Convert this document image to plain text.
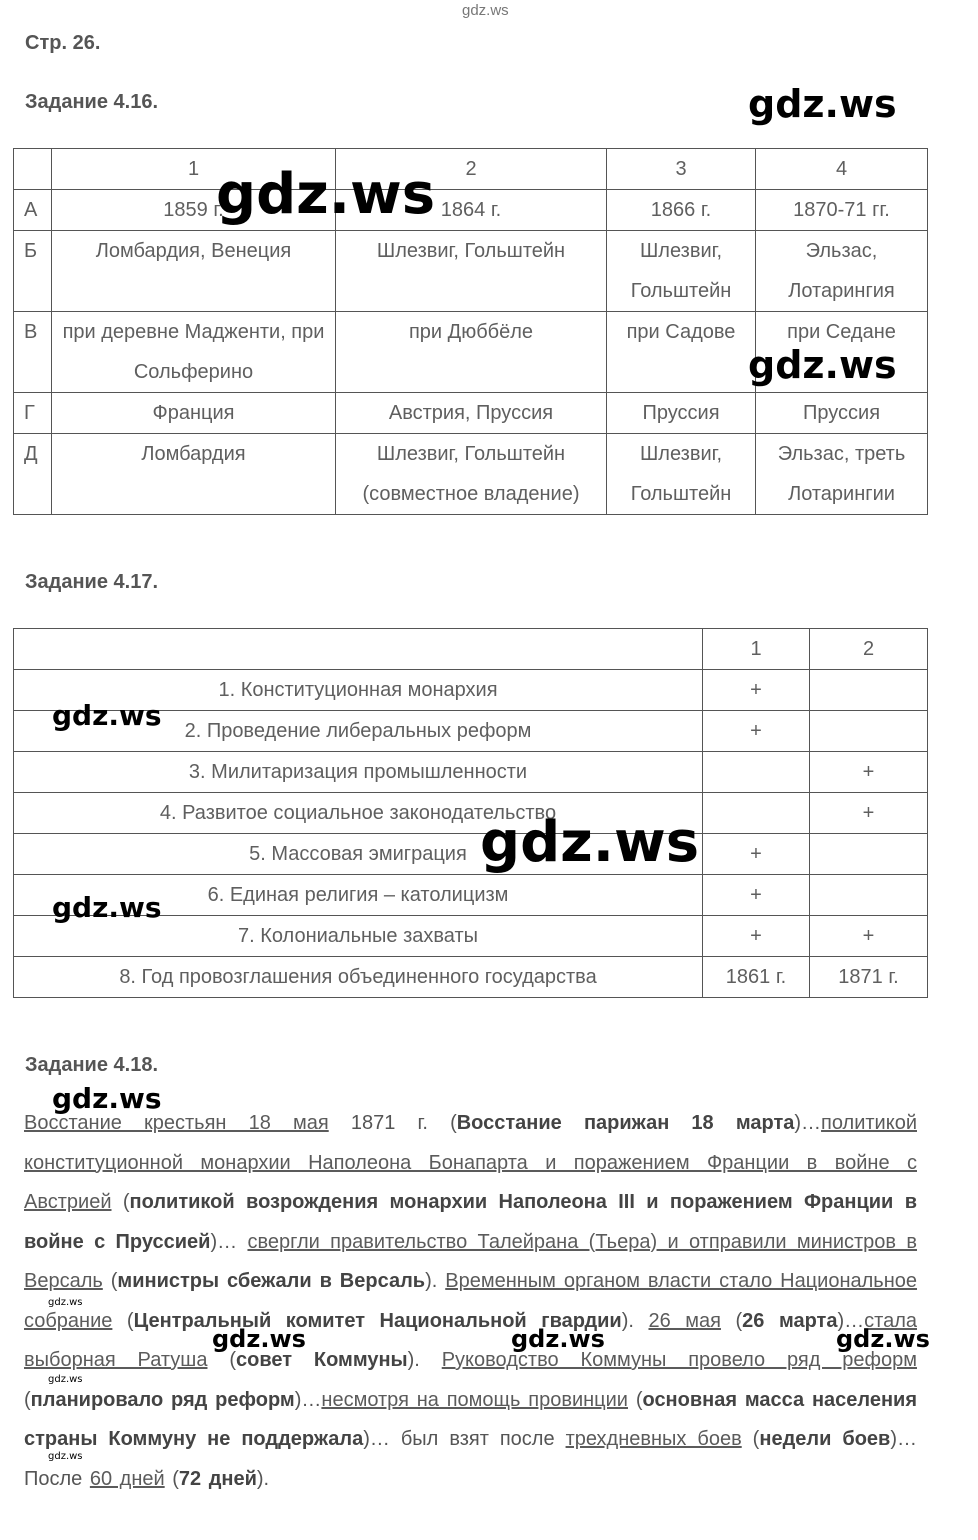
gdz.ws
Стр. 26.
Задание 4.16.
	1	2	3	4
А	1859 г.	1864 г.	1866 г.	1870-71 гг.
Б	Ломбардия, Венеция	Шлезвиг, Гольштейн	Шлезвиг, Гольштейн	Эльзас, Лотарингия
В	при деревне Мадженти, при Сольферино	при Дюббёле	при Садове	при Седане
Г	Франция	Австрия, Пруссия	Пруссия	Пруссия
Д	Ломбардия	Шлезвиг, Гольштейн (совместное владение)	Шлезвиг, Гольштейн	Эльзас, треть Лотарингии
Задание 4.17.
	1	2
1. Конституционная монархия	+	
2. Проведение либеральных реформ	+	
3. Милитаризация промышленности		+
4. Развитое социальное законодательство		+
5. Массовая эмиграция	+	
6. Единая религия – католицизм	+	
7. Колониальные захваты	+	+
8. Год провозглашения объединенного государства	1861 г.	1871 г.
Задание 4.18.
Восстание крестьян 18 мая 1871 г. (Восстание парижан 18 марта)…политикой конституционной монархии Наполеона Бонапарта и поражением Франции в войне с Австрией (политикой возрождения монархии Наполеона III и поражением Франции в войне с Пруссией)… свергли правительство Талейрана (Тьера) и отправили министров в Версаль (министры сбежали в Версаль). Временным органом власти стало Национальное собрание (Центральный комитет Национальной гвардии). 26 мая (26 марта)…стала выборная Ратуша (совет Коммуны). Руководство Коммуны провело ряд реформ (планировало ряд реформ)…несмотря на помощь провинции (основная масса населения страны Коммуну не поддержала)… был взят после трехдневных боев (недели боев)…После 60 дней (72 дней).
gdz.ws
gdz.ws
gdz.ws
gdz.ws
gdz.ws
gdz.ws
gdz.ws
gdz.ws
gdz.ws	gdz.ws	gdz.ws
gdz.ws
gdz.ws
